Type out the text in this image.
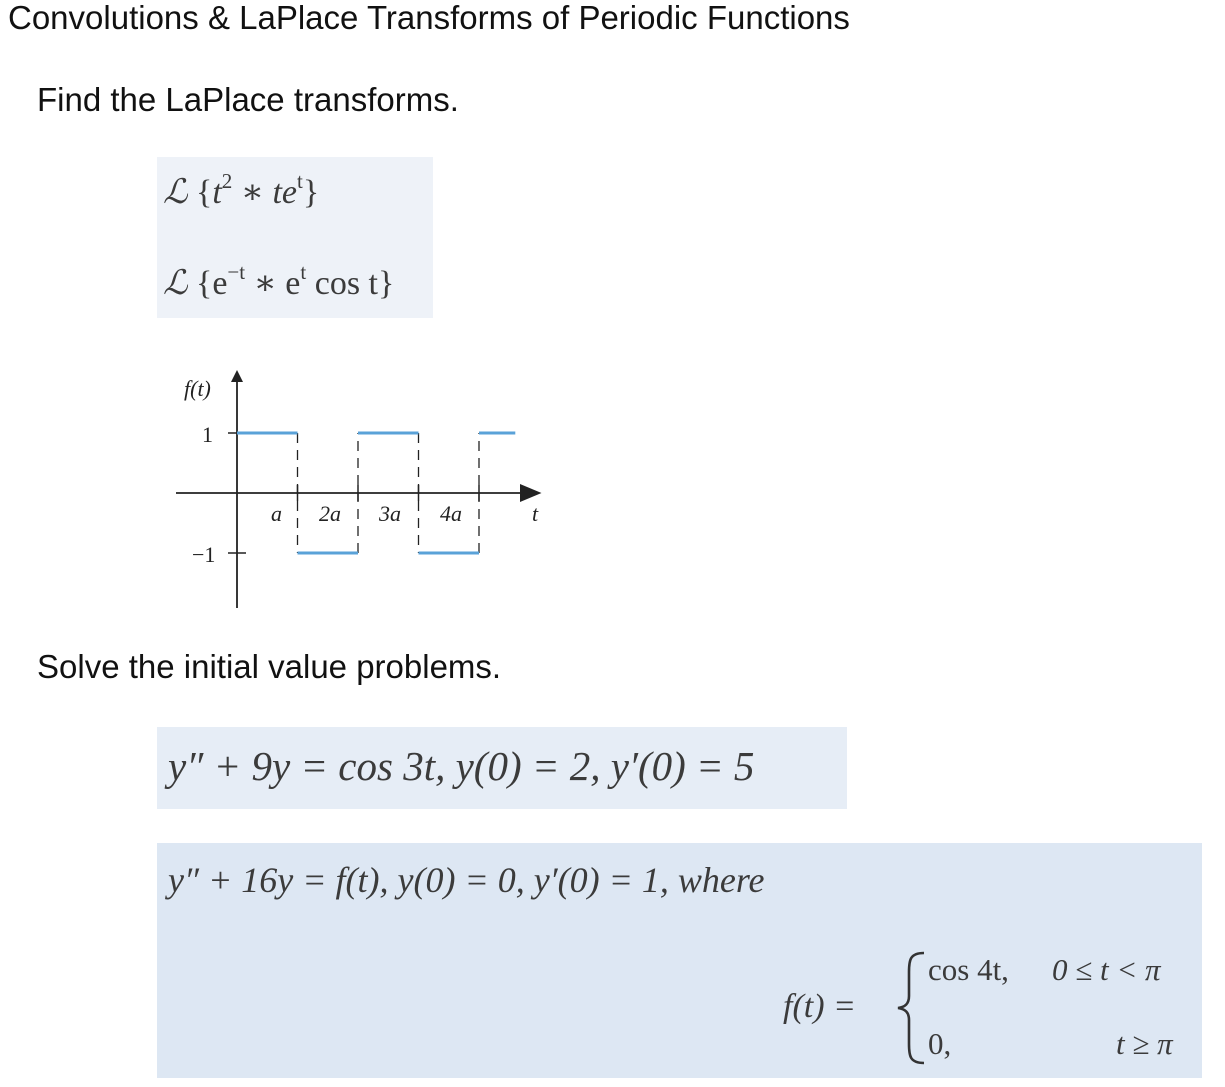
Convolutions & LaPlace Transforms of Periodic Functions
Find the LaPlace transforms.
ℒ {$t^2$ ∗ $te^t$}
ℒ {$e^{-t}$ ∗ $e^t$ cos t}
f(t)
1
−1
t
a 2a 3a 4a
Solve the initial value problems.
y″ + 9y = cos 3t, y(0) = 2, y′(0) = 5
y″ + 16y = f(t), y(0) = 0, y′(0) = 1, where
f(t) =
cos 4t, 0 ≤ t < π
0,	t ≥ π
